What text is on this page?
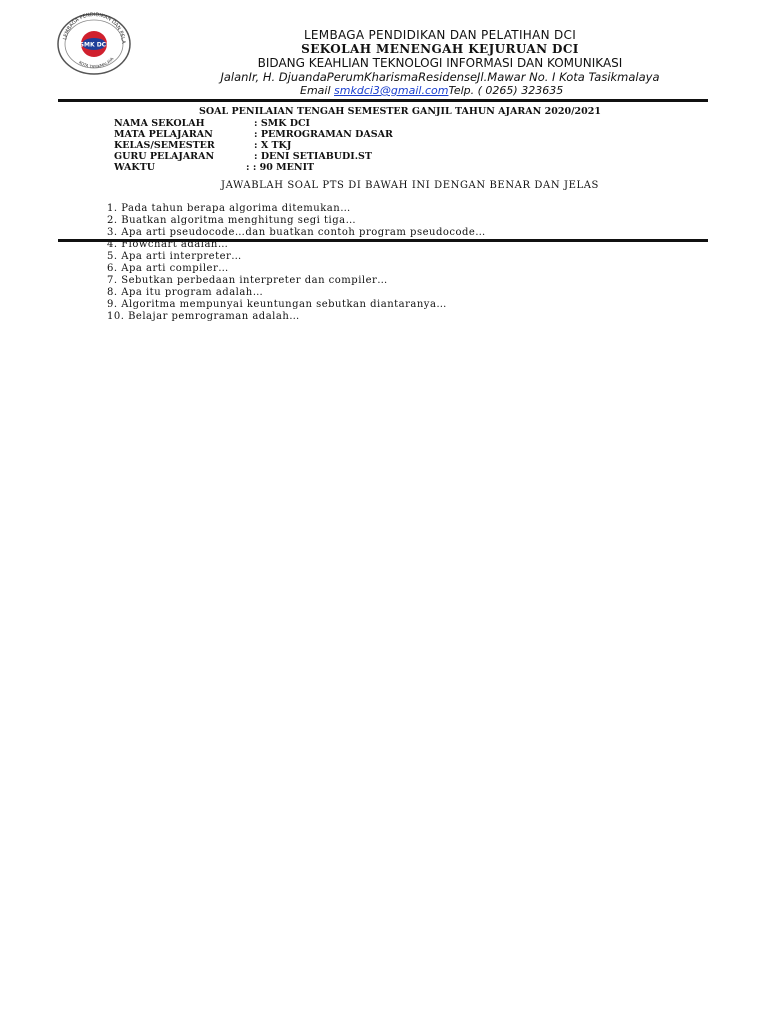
LEMBAGA PENDIDIKAN DAN PELA
KOTA TASIKMALAYA
SMK DCI
LEMBAGA PENDIDIKAN DAN PELATIHAN DCI
SEKOLAH MENENGAH KEJURUAN DCI
BIDANG KEAHLIAN TEKNOLOGI INFORMASI DAN KOMUNIKASI
JalanIr, H. DjuandaPerumKharismaResidenseJl.Mawar No. I Kota Tasikmalaya
Email smkdci3@gmail.comTelp. ( 0265) 323635
SOAL PENILAIAN TENGAH SEMESTER GANJIL TAHUN AJARAN 2020/2021
NAMA SEKOLAH	: SMK DCI
MATA PELAJARAN	: PEMROGRAMAN DASAR
KELAS/SEMESTER	: X TKJ
GURU PELAJARAN	: DENI SETIABUDI.ST
WAKTU	: : 90 MENIT
JAWABLAH SOAL PTS DI BAWAH INI DENGAN BENAR DAN JELAS
1. Pada tahun berapa algorima ditemukan…
2. Buatkan algoritma menghitung segi tiga…
3. Apa arti pseudocode…dan buatkan contoh program pseudocode…
4. Flowchart adalah…
5. Apa arti interpreter…
6. Apa arti compiler…
7. Sebutkan perbedaan interpreter dan compiler…
8. Apa itu program adalah…
9. Algoritma mempunyai keuntungan sebutkan diantaranya…
10. Belajar pemrograman adalah…
